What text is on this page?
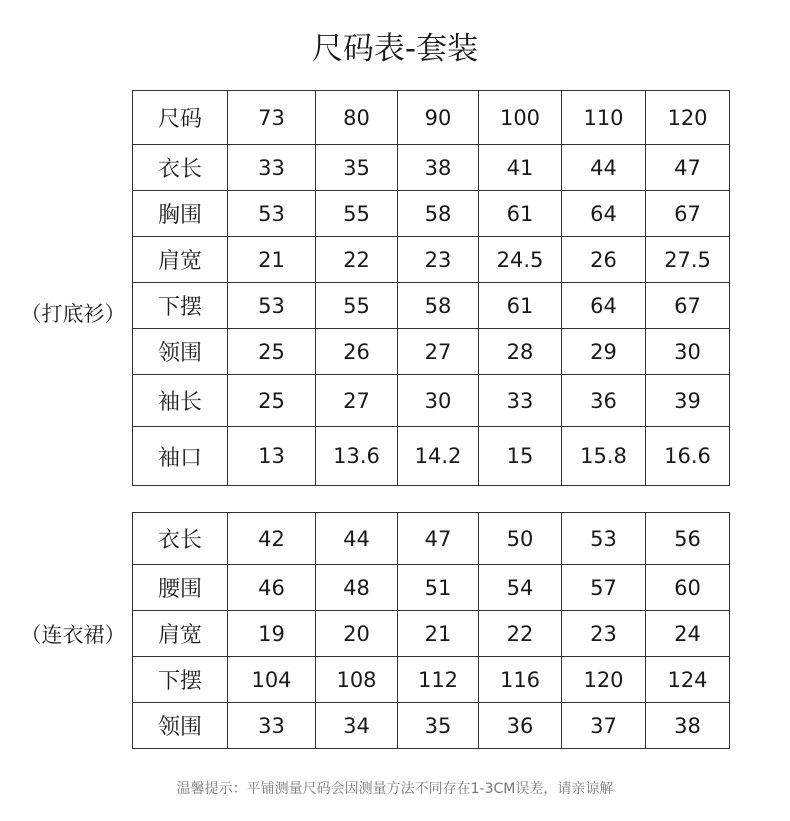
尺码表-套装
（打底衫）
尺码	73	80	90	100	110	120
衣长	33	35	38	41	44	47
胸围	53	55	58	61	64	67
肩宽	21	22	23	24.5	26	27.5
下摆	53	55	58	61	64	67
领围	25	26	27	28	29	30
袖长	25	27	30	33	36	39
袖口	13	13.6	14.2	15	15.8	16.6
（连衣裙）
衣长	42	44	47	50	53	56
腰围	46	48	51	54	57	60
肩宽	19	20	21	22	23	24
下摆	104	108	112	116	120	124
领围	33	34	35	36	37	38
温馨提示：平铺测量尺码会因测量方法不同存在1-3CM误差，请亲谅解
